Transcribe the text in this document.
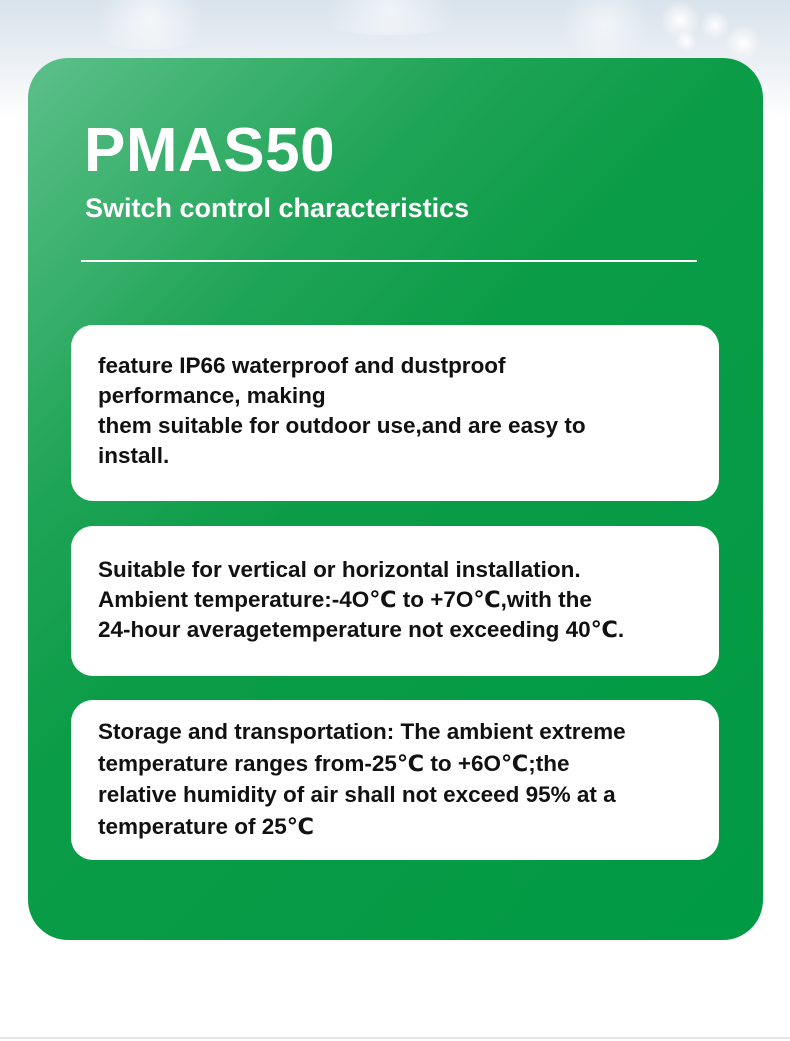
PMAS50
Switch control characteristics

feature IP66 waterproof and dustproof
performance, making
them suitable for outdoor use,and are easy to
install.

Suitable for vertical or horizontal installation.
Ambient temperature:-4O℃ to +7O℃,with the
24-hour averagetemperature not exceeding 40℃.

Storage and transportation: The ambient extreme
temperature ranges from-25℃ to +6O℃;the
relative humidity of air shall not exceed 95% at a
temperature of 25℃
